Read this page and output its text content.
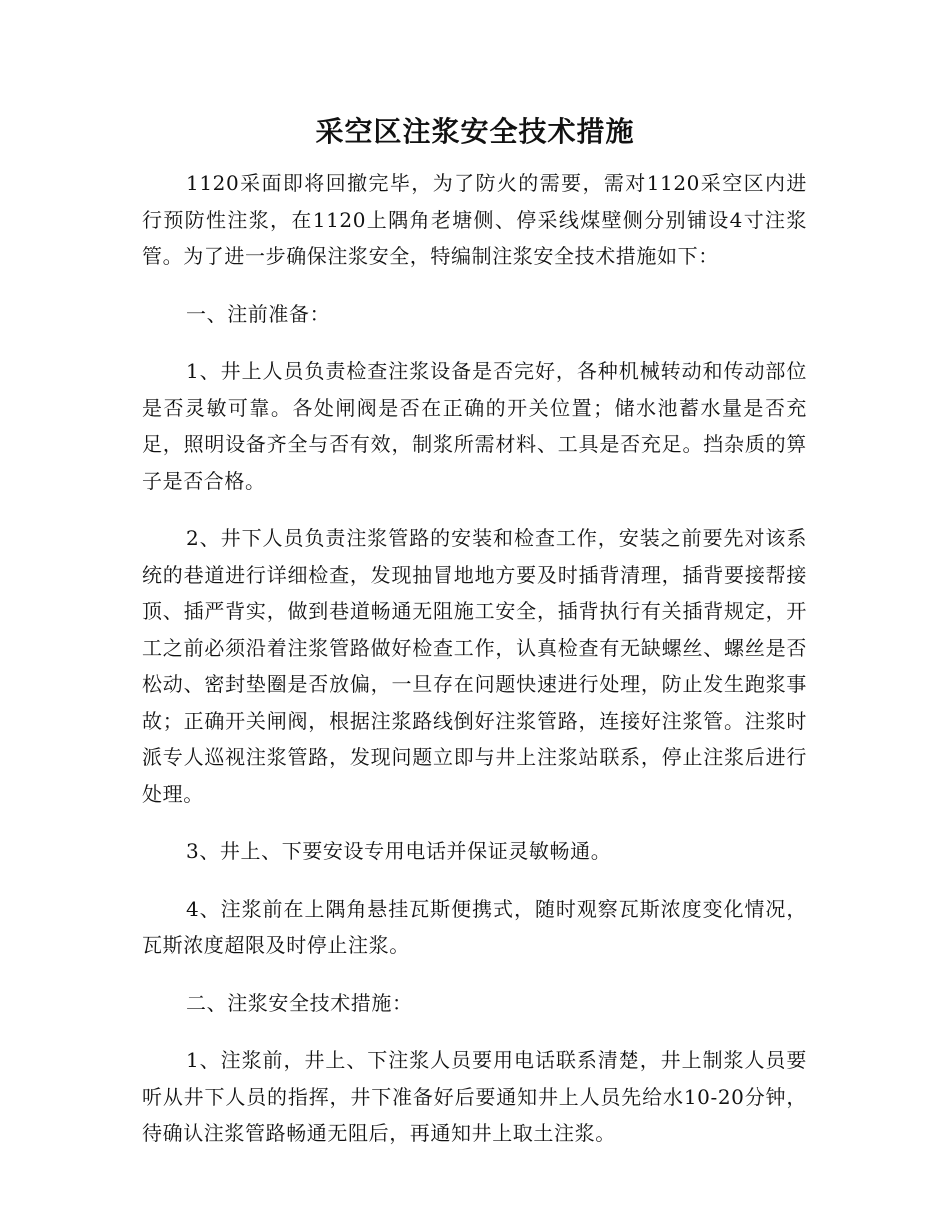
采空区注浆安全技术措施

1120采面即将回撤完毕，为了防火的需要，需对1120采空区内进行预防性注浆，在1120上隅角老塘侧、停采线煤壁侧分别铺设4寸注浆管。为了进一步确保注浆安全，特编制注浆安全技术措施如下：

一、注前准备：

1、井上人员负责检查注浆设备是否完好，各种机械转动和传动部位是否灵敏可靠。各处闸阀是否在正确的开关位置；储水池蓄水量是否充足，照明设备齐全与否有效，制浆所需材料、工具是否充足。挡杂质的箅子是否合格。

2、井下人员负责注浆管路的安装和检查工作，安装之前要先对该系统的巷道进行详细检查，发现抽冒地地方要及时插背清理，插背要接帮接顶、插严背实，做到巷道畅通无阻施工安全，插背执行有关插背规定，开工之前必须沿着注浆管路做好检查工作，认真检查有无缺螺丝、螺丝是否松动、密封垫圈是否放偏，一旦存在问题快速进行处理，防止发生跑浆事故；正确开关闸阀，根据注浆路线倒好注浆管路，连接好注浆管。注浆时派专人巡视注浆管路，发现问题立即与井上注浆站联系，停止注浆后进行处理。

3、井上、下要安设专用电话并保证灵敏畅通。

4、注浆前在上隅角悬挂瓦斯便携式，随时观察瓦斯浓度变化情况，瓦斯浓度超限及时停止注浆。

二、注浆安全技术措施：

1、注浆前，井上、下注浆人员要用电话联系清楚，井上制浆人员要听从井下人员的指挥，井下准备好后要通知井上人员先给水10-20分钟，待确认注浆管路畅通无阻后，再通知井上取土注浆。
